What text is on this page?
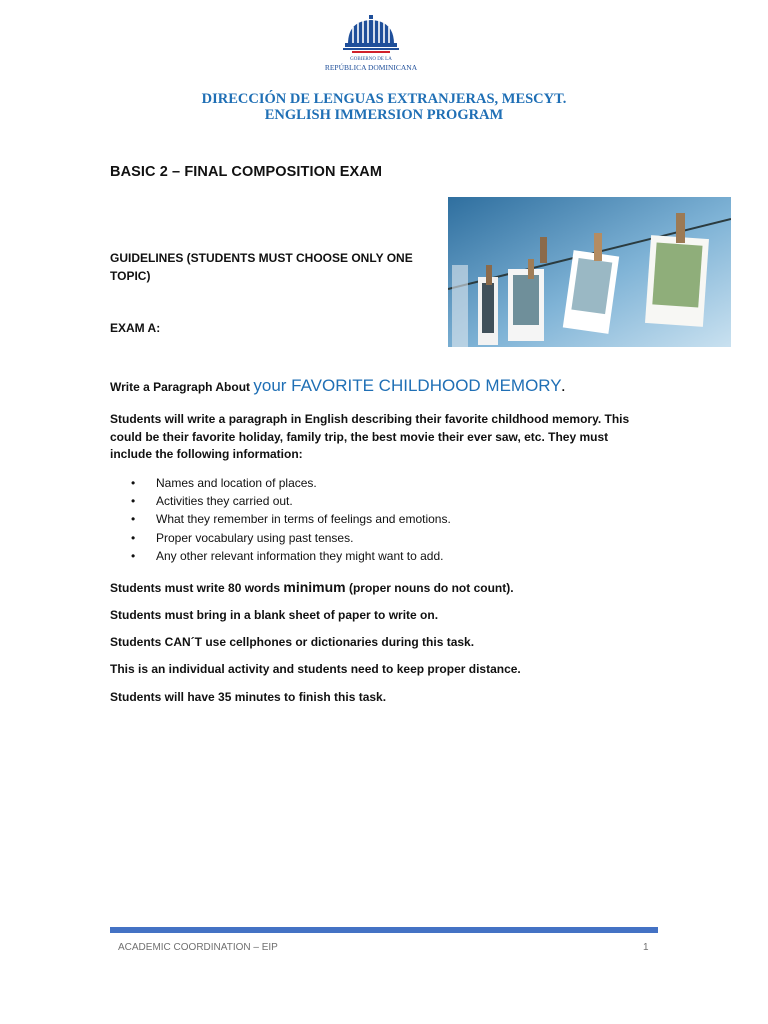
GOBIERNO DE LA
REPÚBLICA DOMINICANA
DIRECCIÓN DE LENGUAS EXTRANJERAS, MESCYT.
ENGLISH IMMERSION PROGRAM
BASIC 2 – FINAL COMPOSITION EXAM
GUIDELINES (STUDENTS MUST CHOOSE ONLY ONE TOPIC)
EXAM A:
Write a Paragraph About your FAVORITE CHILDHOOD MEMORY.
Students will write a paragraph in English describing their favorite childhood memory. This could be their favorite holiday, family trip, the best movie their ever saw, etc. They must include the following information:
• Names and location of places.
• Activities they carried out.
• What they remember in terms of feelings and emotions.
• Proper vocabulary using past tenses.
• Any other relevant information they might want to add.
Students must write 80 words minimum (proper nouns do not count).
Students must bring in a blank sheet of paper to write on.
Students CAN´T use cellphones or dictionaries during this task.
This is an individual activity and students need to keep proper distance.
Students will have 35 minutes to finish this task.
ACADEMIC COORDINATION – EIP	1
